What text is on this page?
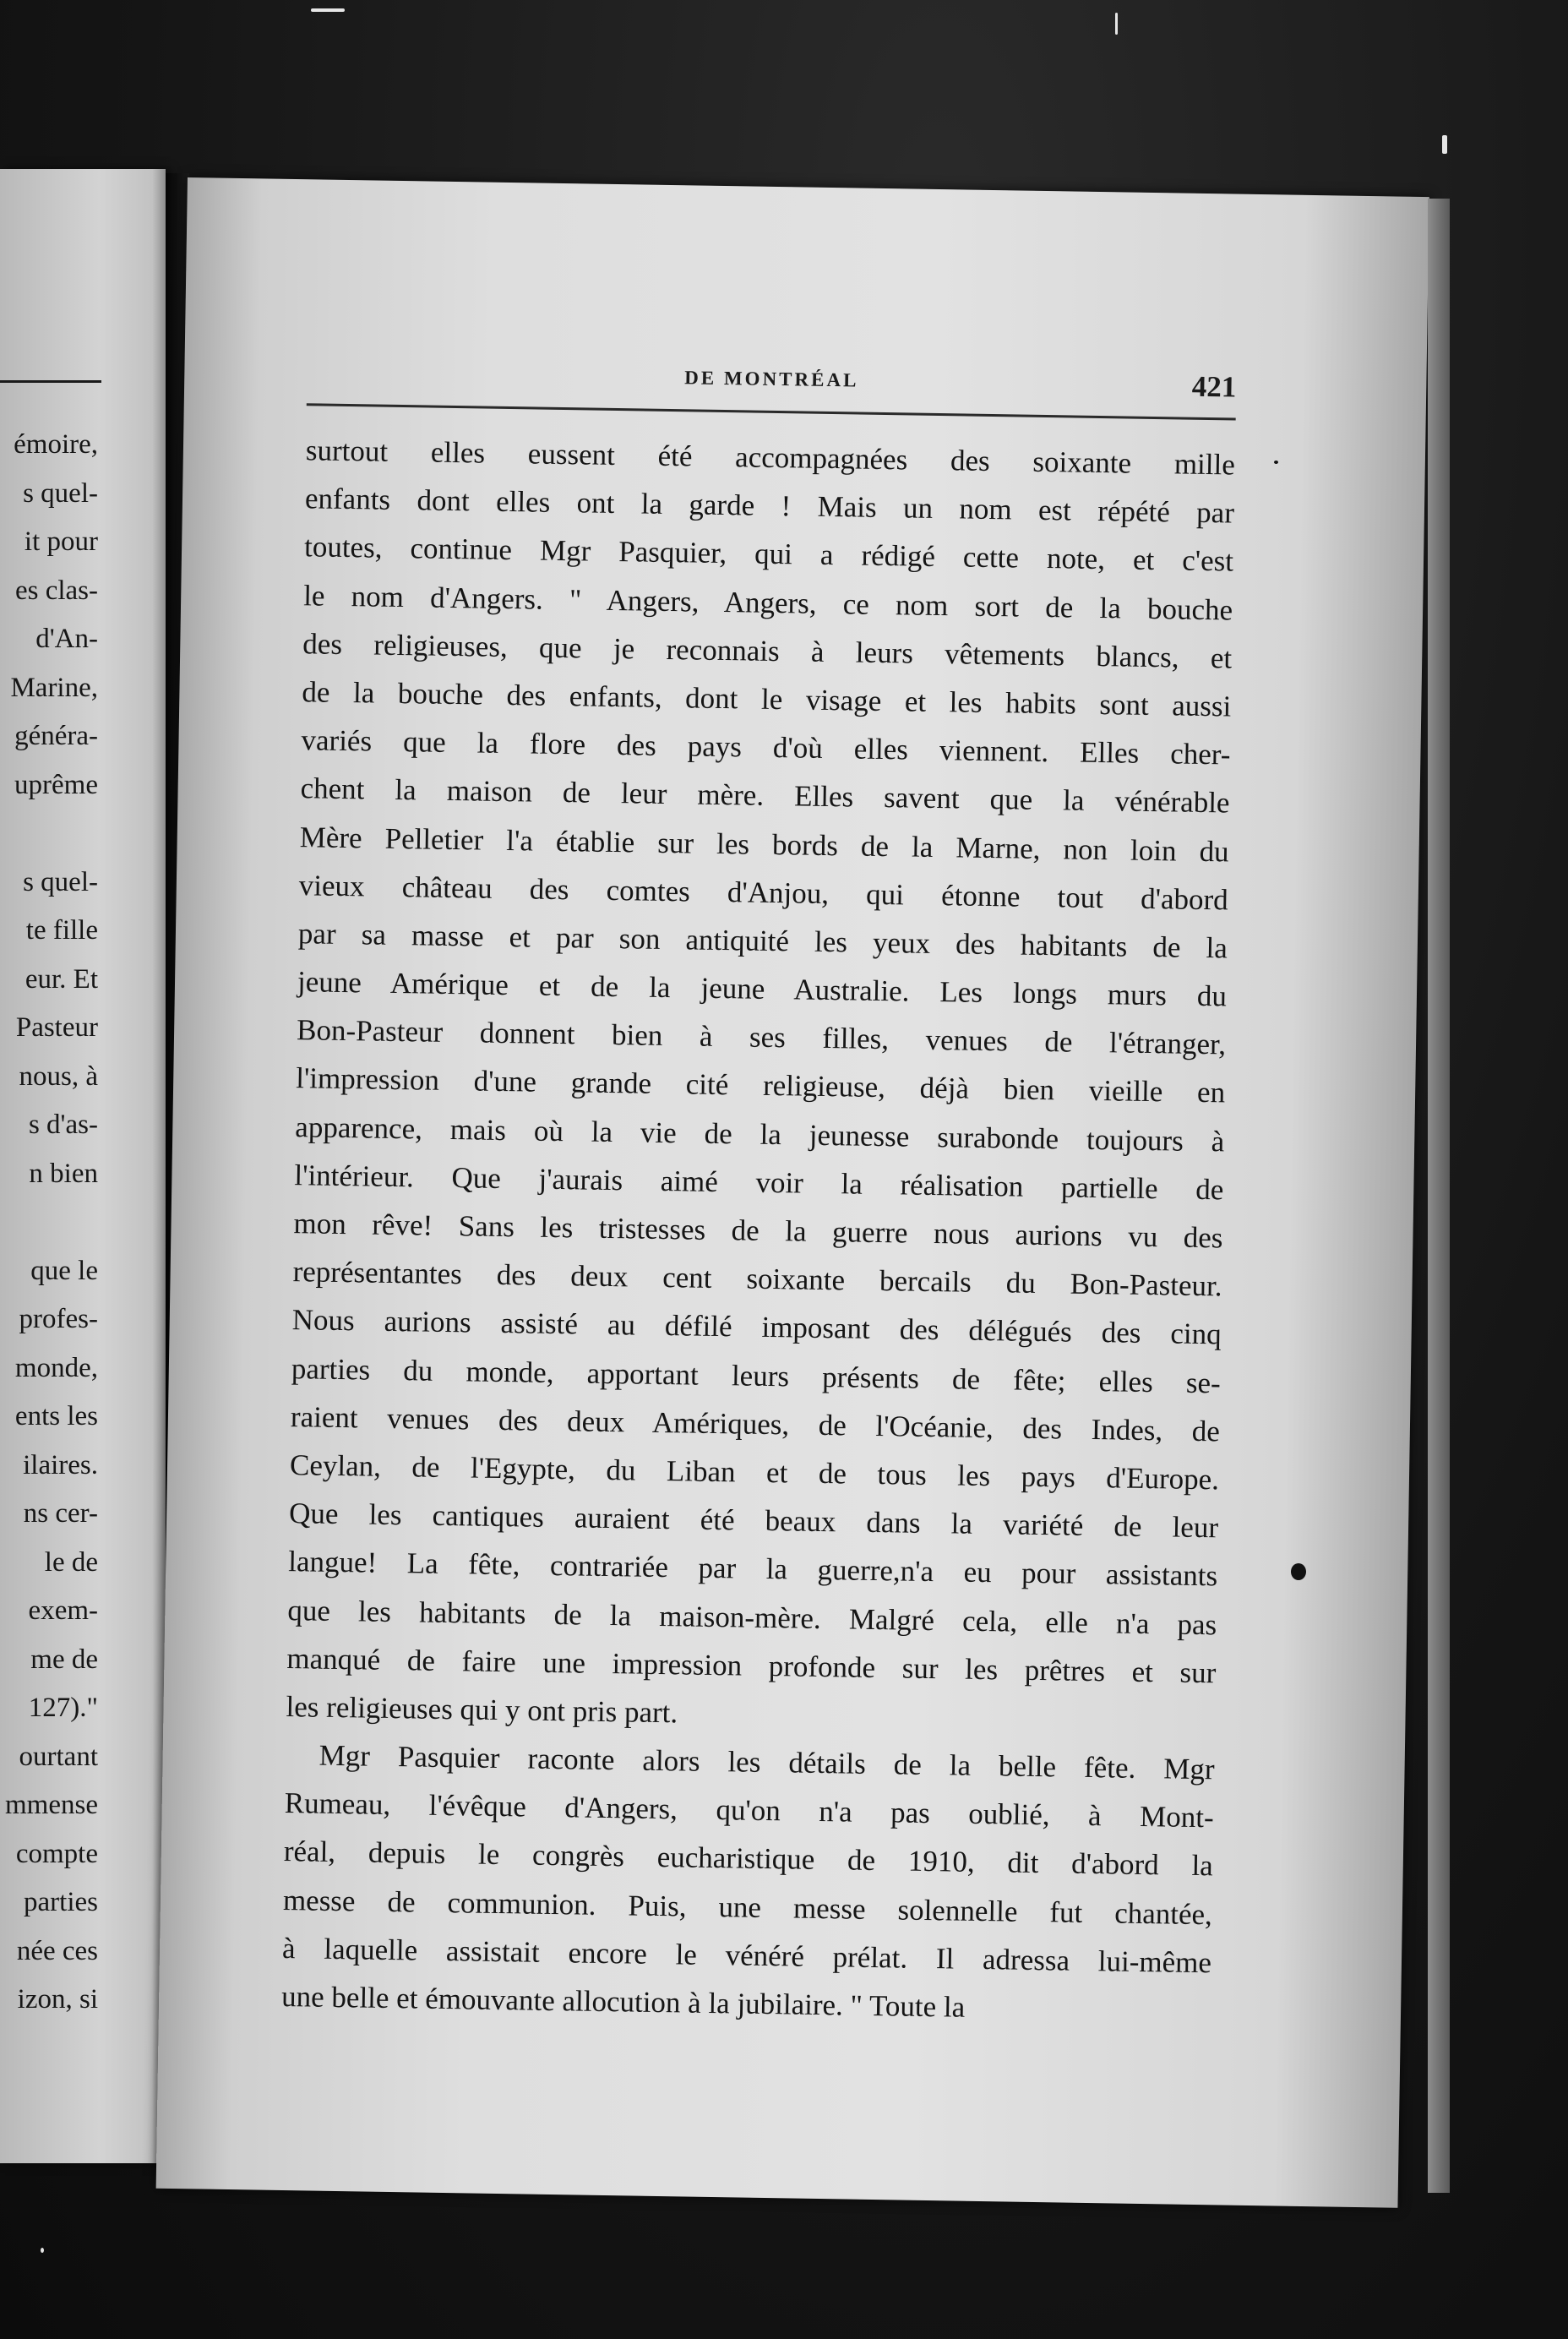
émoire,
s quel-
it pour
es clas-
d'An-
Marine,
généra-
uprême
s quel-
te fille
eur. Et
Pasteur
nous, à
s d'as-
n bien
que le
profes-
monde,
ents les
ilaires.
ns cer-
le de
exem-
me de
127)."
ourtant
mmense
compte
parties
née ces
izon, si
DE MONTRÉAL	421
surtout elles eussent été accompagnées des soixante mille
enfants dont elles ont la garde ! Mais un nom est répété par
toutes, continue Mgr Pasquier, qui a rédigé cette note, et c'est
le nom d'Angers. " Angers, Angers, ce nom sort de la bouche
des religieuses, que je reconnais à leurs vêtements blancs, et
de la bouche des enfants, dont le visage et les habits sont aussi
variés que la flore des pays d'où elles viennent. Elles cher-
chent la maison de leur mère. Elles savent que la vénérable
Mère Pelletier l'a établie sur les bords de la Marne, non loin du
vieux château des comtes d'Anjou, qui étonne tout d'abord
par sa masse et par son antiquité les yeux des habitants de la
jeune Amérique et de la jeune Australie. Les longs murs du
Bon-Pasteur donnent bien à ses filles, venues de l'étranger,
l'impression d'une grande cité religieuse, déjà bien vieille en
apparence, mais où la vie de la jeunesse surabonde toujours à
l'intérieur. Que j'aurais aimé voir la réalisation partielle de
mon rêve! Sans les tristesses de la guerre nous aurions vu des
représentantes des deux cent soixante bercails du Bon-Pasteur.
Nous aurions assisté au défilé imposant des délégués des cinq
parties du monde, apportant leurs présents de fête; elles se-
raient venues des deux Amériques, de l'Océanie, des Indes, de
Ceylan, de l'Egypte, du Liban et de tous les pays d'Europe.
Que les cantiques auraient été beaux dans la variété de leur
langue! La fête, contrariée par la guerre,n'a eu pour assistants
que les habitants de la maison-mère. Malgré cela, elle n'a pas
manqué de faire une impression profonde sur les prêtres et sur
les religieuses qui y ont pris part.
Mgr Pasquier raconte alors les détails de la belle fête. Mgr
Rumeau, l'évêque d'Angers, qu'on n'a pas oublié, à Mont-
réal, depuis le congrès eucharistique de 1910, dit d'abord la
messe de communion. Puis, une messe solennelle fut chantée,
à laquelle assistait encore le vénéré prélat. Il adressa lui-même
une belle et émouvante allocution à la jubilaire. " Toute la
